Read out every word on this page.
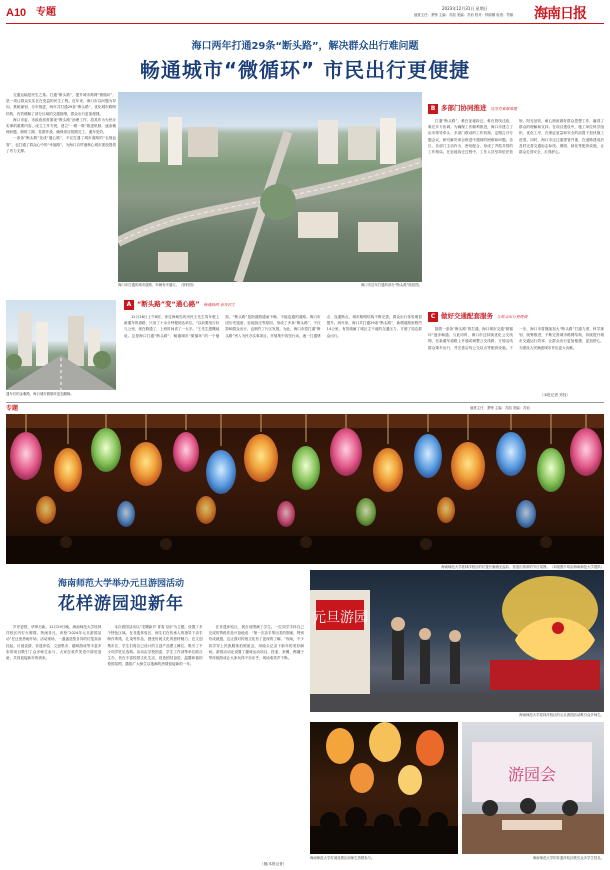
A10 专题	2023年12月31日 星期日
值班主任：萧铮 主编：苏凯 美编：苏怡 校对：钟丽姗 检查：符雄 海南日报
海口两年打通29条“断头路”，解决群众出行难问题
畅通城市“微循环” 市民出行更便捷

交通运输是民生之基。打通“断头路”，提升城市路网“微循环”，是一项让群众实实在在受益的民生工程。近年来，海口市以问题为导向，系统谋划、分年推进，两年共打通29条“断头路”，优化城市路网结构，有效缓解了部分区域的交通拥堵，群众出行更加便捷。

海口市委、市政府高度重视“断头路”治理工作，将其作为为民办实事的重要内容，成立工作专班，建立“一路一策”推进机制，逐条梳理问题，倒排工期、挂图作战，确保项目按期完工、通车见效。

一条条“断头路”变成“通心路”，不仅打通了城市道路的“毛细血管”，也打通了群众心中的“幸福路”，为海口自贸港核心城市建设提供了有力支撑。

海口市近年打通的部分“断头路”航拍图。
通车后的金雅路，海口城市微循环更加顺畅。
A “断头路”变“通心路” 畅通路网 惠及民生
12月26日上午8时，家住海甸岛的市民王先生驾车驶上新通车的道路，只用了十余分钟便到达单位。“以前要绕行好几公里，现在路通了，上班时间省了一大半。”王先生感慨地说。这是海口打通“断头路”、畅通城市“微循环”的一个缩影。“断头路”是指道路通而不畅、不能连通的道路。海口市因历史遗留、征地拆迁等原因，形成了多条“断头路”，不仅影响群众出行，也制约了片区发展。为此，海口市将打通“断头路”列入为民办实事项目，开展集中攻坚行动，逐一打通堵点、连通断点，城市路网结构不断完善，群众出行体验明显提升。两年来，海口共打通29条“断头路”，新增道路里程约14公里，有效疏解了城区主干道的交通压力，方便了周边群众出行。
B 多部门协同推进 攻坚克难解难题
打通“断头路”，难在征地拆迁，难在管线迁改，难在多方协调。为确保工作顺利推进，海口市建立了由市领导牵头、多部门联动的工作机制，定期召开专题会议，研究解决项目推进中遇到的困难和问题。各区、各部门主动作为、密切配合，形成了齐抓共管的工作格局。在征地拆迁过程中，工作人员坚持依法依规、阳光征收，耐心细致做好群众思想工作，赢得了群众的理解和支持。在项目建设中，施工单位科学组织、优化工序，在保证质量和安全的前提下加快施工进度。同时，海口市还注重建管并重，在道路建成后及时完善交通标志标线、照明、绿化等配套设施，让群众走得安全、走得舒心。
C 做好交通配套服务 让群众出行更便捷
随着一条条“断头路”的打通，海口城市交通“微循环”逐步畅通。与此同时，海口市还持续优化公交线网，在新通车道路上开通或调整公交线路，方便沿线群众乘车出行，并完善沿线公交站点等配套设施。下一步，海口市将继续加大“断头路”打通力度，科学规划、统筹推进，不断完善城市路网结构，持续提升城市交通运行效率，让群众出行更加便捷、更加舒心，为建设人民满意城市作出更大贡献。
（本报记者 邓钰）
海口市打通的城市道路，车辆有序通行。（资料图）
专题	值班主任：萧铮 主编：苏凯 美编：苏怡
海南师范大学桂林洋校区的灯笼长廊流光溢彩，营造出浓浓的节日氛围。（本版图片均由海南师范大学提供）
海南师范大学举办元旦游园活动
花样游园迎新年

岁序更替，华章日新。12月29日晚，海南师范大学桂林洋校区内灯火璀璨、热闹非凡，该校“2024年元旦游园活动”在这里热闹开场。活动现场，一盏盏造型各异的灯笼高高挂起，灯谜竞猜、非遗体验、文创集市、趣味游戏等丰富多彩的项目吸引了众多师生参与，大家在欢声笑语中辞旧迎新，共同迎接新年的到来。

本次游园活动以“龙腾新岁 青春飞扬”为主题，设置了多个特色区域。在非遗体验区，师生们在传承人的指导下亲手制作剪纸、扎染等作品，感受传统文化的独特魅力；在文创集市区，学生们将自己设计的文创产品摆上摊位，吸引了不少同学驻足选购。活动由学校团委、学生工作部等单位联合主办，旨在丰富校园文化生活，营造团结奋进、温馨和谐的校园氛围，激励广大师生以饱满的热情迎接新的一年。

在非遗体验区，展台前围满了学生。一位同学手持自己完成的剪纸作品兴奋地说：“第一次亲手剪出龙的图案，特别有成就感，这让我对传统文化有了更深的了解。”现场，不少同学穿上民族服饰拍照留念，用镜头记录下新年的美好瞬间。游园活动还设置了趣味运动项目，投壶、套圈、踢毽子等传统游戏让大家玩得不亦乐乎，现场欢笑声不断。

（图/本报记者）
元旦游园
海南师范大学桂林洋校区的元旦游园活动吸引众多师生。
海南师范大学灯谜竞猜区前师生热情参与。
游园会
海南师范大学的非遗体验区吸引众多学生驻足。
